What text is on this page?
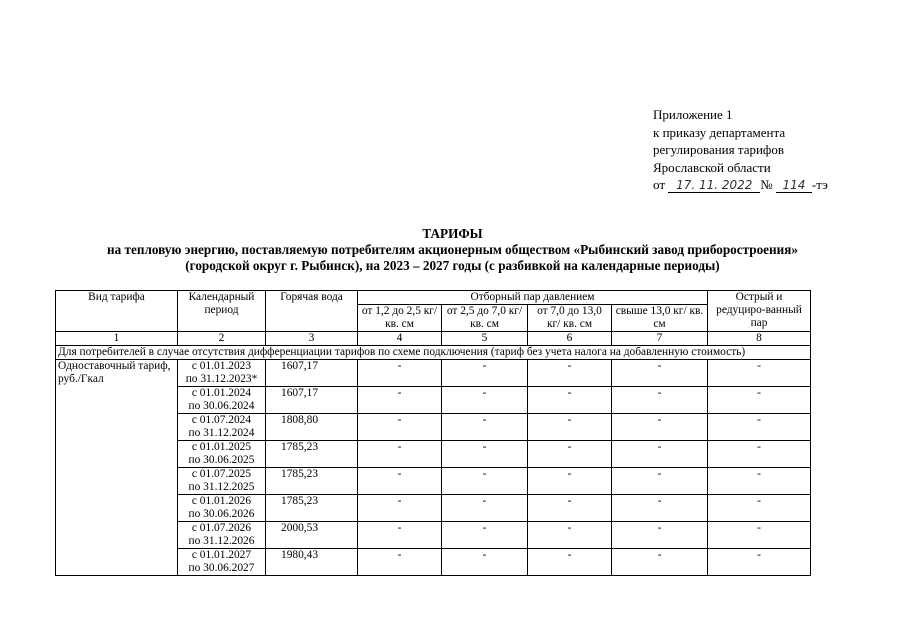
Приложение 1
к приказу департамента
регулирования тарифов
Ярославской области
от 17. 11. 2022 № 114 -тэ
ТАРИФЫ
на тепловую энергию, поставляемую потребителям акционерным обществом «Рыбинский завод приборостроения»
(городской округ г. Рыбинск), на 2023 – 2027 годы (с разбивкой на календарные периоды)
Вид тарифа	Календарный период	Горячая вода	Отборный пар давлением				Острый и редуциро-ванный пар
			от 1,2 до 2,5 кг/ кв. см	от 2,5 до 7,0 кг/ кв. см	от 7,0 до 13,0 кг/ кв. см	свыше 13,0 кг/ кв. см	
1	2	3	4	5	6	7	8
Для потребителей в случае отсутствия дифференциации тарифов по схеме подключения (тариф без учета налога на добавленную стоимость)							
Одноставочный тариф, руб./Гкал	с 01.01.2023
по 31.12.2023*	1607,17	-	-	-	-	-

	с 01.01.2024
по 30.06.2024	1607,17	-	-	-	-	-

	с 01.07.2024
по 31.12.2024	1808,80	-	-	-	-	-

	с 01.01.2025
по 30.06.2025	1785,23	-	-	-	-	-

	с 01.07.2025
по 31.12.2025	1785,23	-	-	-	-	-

	с 01.01.2026
по 30.06.2026	1785,23	-	-	-	-	-

	с 01.07.2026
по 31.12.2026	2000,53	-	-	-	-	-

	с 01.01.2027
по 30.06.2027	1980,43	-	-	-	-	-
